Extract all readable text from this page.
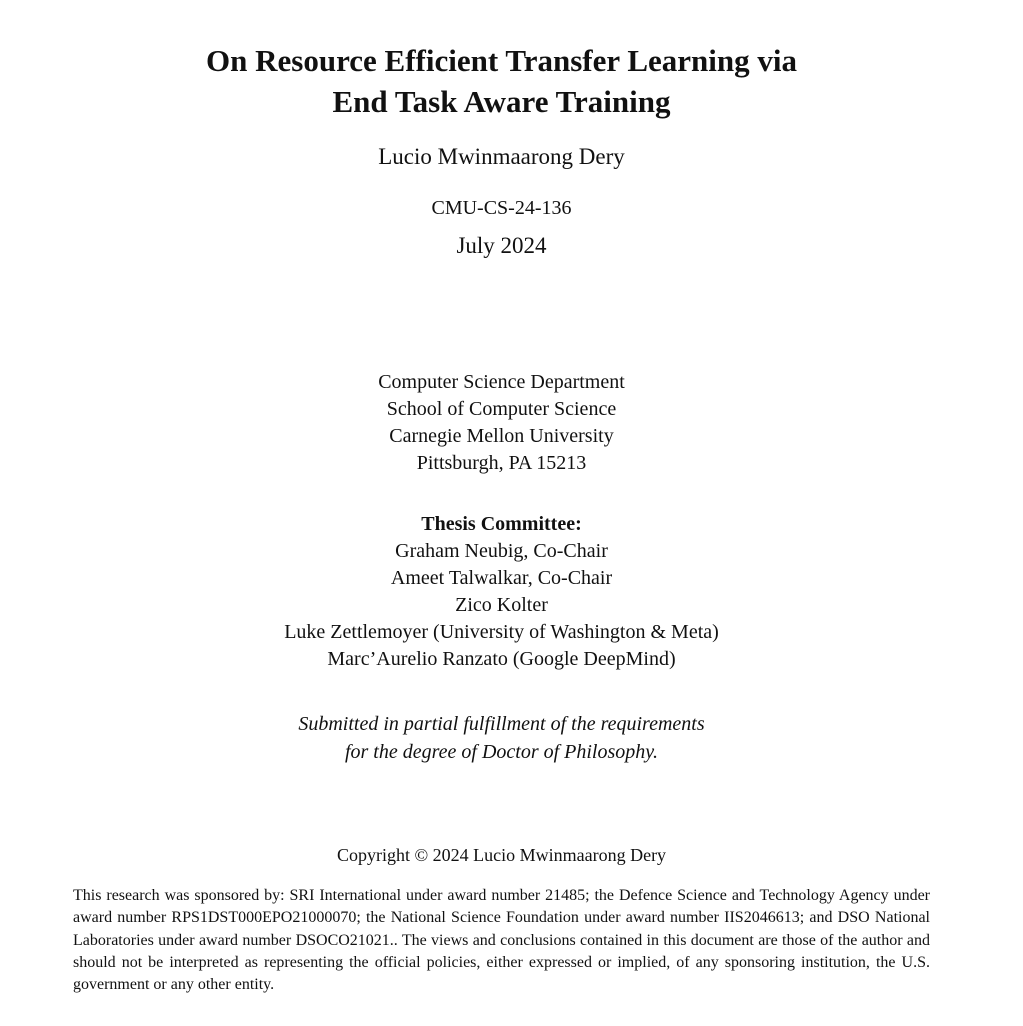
On Resource Efficient Transfer Learning via
End Task Aware Training
Lucio Mwinmaarong Dery
CMU-CS-24-136
July 2024
Computer Science Department
School of Computer Science
Carnegie Mellon University
Pittsburgh, PA 15213
Thesis Committee:
Graham Neubig, Co-Chair
Ameet Talwalkar, Co-Chair
Zico Kolter
Luke Zettlemoyer (University of Washington & Meta)
Marc’Aurelio Ranzato (Google DeepMind)
Submitted in partial fulfillment of the requirements
for the degree of Doctor of Philosophy.
Copyright © 2024 Lucio Mwinmaarong Dery
This research was sponsored by: SRI International under award number 21485; the Defence Science and Technology Agency under award number RPS1DST000EPO21000070; the National Science Foundation under award number IIS2046613; and DSO National Laboratories under award number DSOCO21021.. The views and conclusions contained in this document are those of the author and should not be interpreted as representing the official policies, either expressed or implied, of any sponsoring institution, the U.S. government or any other entity.
